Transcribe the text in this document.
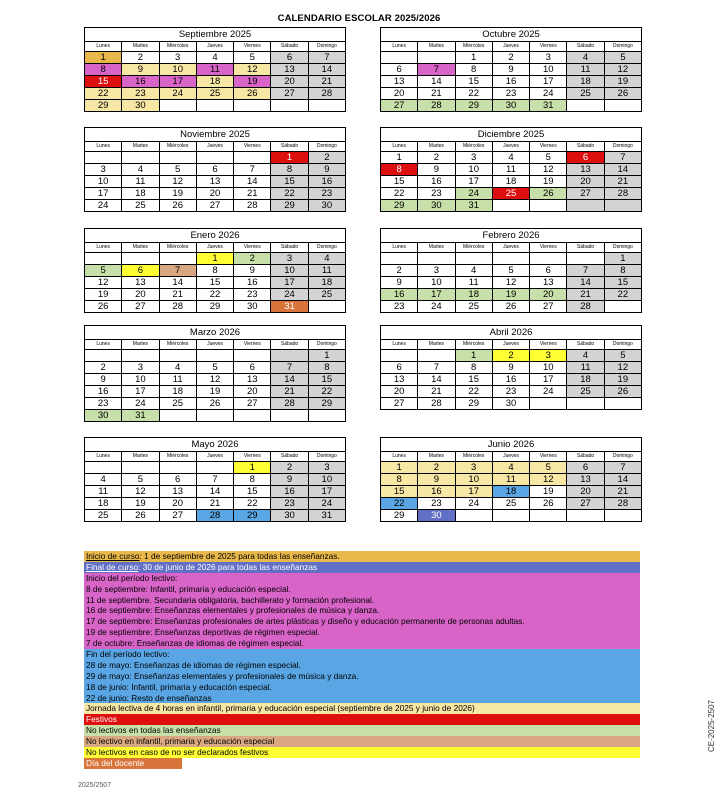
CALENDARIO ESCOLAR 2025/2026
Septiembre 2025						
Lunes	Martes	Miércoles	Jueves	Viernes	Sábado	Domingo
1	2	3	4	5	6	7
8	9	10	11	12	13	14
15	16	17	18	19	20	21
22	23	24	25	26	27	28
29	30					
Octubre 2025						
Lunes	Martes	Miércoles	Jueves	Viernes	Sábado	Domingo
		1	2	3	4	5
6	7	8	9	10	11	12
13	14	15	16	17	18	19
20	21	22	23	24	25	26
27	28	29	30	31		
Noviembre 2025						
Lunes	Martes	Miércoles	Jueves	Viernes	Sábado	Domingo
					1	2
3	4	5	6	7	8	9
10	11	12	13	14	15	16
17	18	19	20	21	22	23
24	25	26	27	28	29	30
Diciembre 2025						
Lunes	Martes	Miércoles	Jueves	Viernes	Sábado	Domingo
1	2	3	4	5	6	7
8	9	10	11	12	13	14
15	16	17	18	19	20	21
22	23	24	25	26	27	28
29	30	31				
Enero 2026						
Lunes	Martes	Miércoles	Jueves	Viernes	Sábado	Domingo
			1	2	3	4
5	6	7	8	9	10	11
12	13	14	15	16	17	18
19	20	21	22	23	24	25
26	27	28	29	30	31	
Febrero 2026						
Lunes	Martes	Miércoles	Jueves	Viernes	Sábado	Domingo
						1
2	3	4	5	6	7	8
9	10	11	12	13	14	15
16	17	18	19	20	21	22
23	24	25	26	27	28	
Marzo 2026						
Lunes	Martes	Miércoles	Jueves	Viernes	Sábado	Domingo
						1
2	3	4	5	6	7	8
9	10	11	12	13	14	15
16	17	18	19	20	21	22
23	24	25	26	27	28	29
30	31					
Abril 2026						
Lunes	Martes	Miércoles	Jueves	Viernes	Sábado	Domingo
		1	2	3	4	5
6	7	8	9	10	11	12
13	14	15	16	17	18	19
20	21	22	23	24	25	26
27	28	29	30			
Mayo 2026						
Lunes	Martes	Miércoles	Jueves	Viernes	Sábado	Domingo
				1	2	3
4	5	6	7	8	9	10
11	12	13	14	15	16	17
18	19	20	21	22	23	24
25	26	27	28	29	30	31
Junio 2026						
Lunes	Martes	Miércoles	Jueves	Viernes	Sábado	Domingo
1	2	3	4	5	6	7
8	9	10	11	12	13	14
15	16	17	18	19	20	21
22	23	24	25	26	27	28
29	30					
Inicio de curso: 1 de septiembre de 2025 para todas las enseñanzas.
Final de curso: 30 de junio de 2026 para todas las enseñanzas
Inicio del período lectivo:
8 de septiembre: Infantil, primaria y educación especial.
11 de septiembre. Secundaria obligatoria, bachillerato y formación profesional.
16 de septiembre: Enseñanzas elementales y profesionales de música y danza.
17 de septiembre: Enseñanzas profesionales de artes plásticas y diseño y educación permanente de personas adultas.
19 de septiembre: Enseñanzas deportivas de régimen especial.
7 de octubre: Enseñanzas de idiomas de régimen especial.
Fin del período lectivo:
28 de mayo: Enseñanzas de idiomas de régimen especial.
29 de mayo: Enseñanzas elementales y profesionales de música y danza.
18 de junio: Infantil, primaria y educación especial.
22 de junio: Resto de enseñanzas
Jornada lectiva de 4 horas en infantil, primaria y educación especial (septiembre de 2025 y junio de 2026)
Festivos
No lectivos en todas las enseñanzas
No lectivo en infantil, primaria y educación especial
No lectivos en caso de no ser declarados festivos
Día del docente
CE-2025-2507
2025/2507
